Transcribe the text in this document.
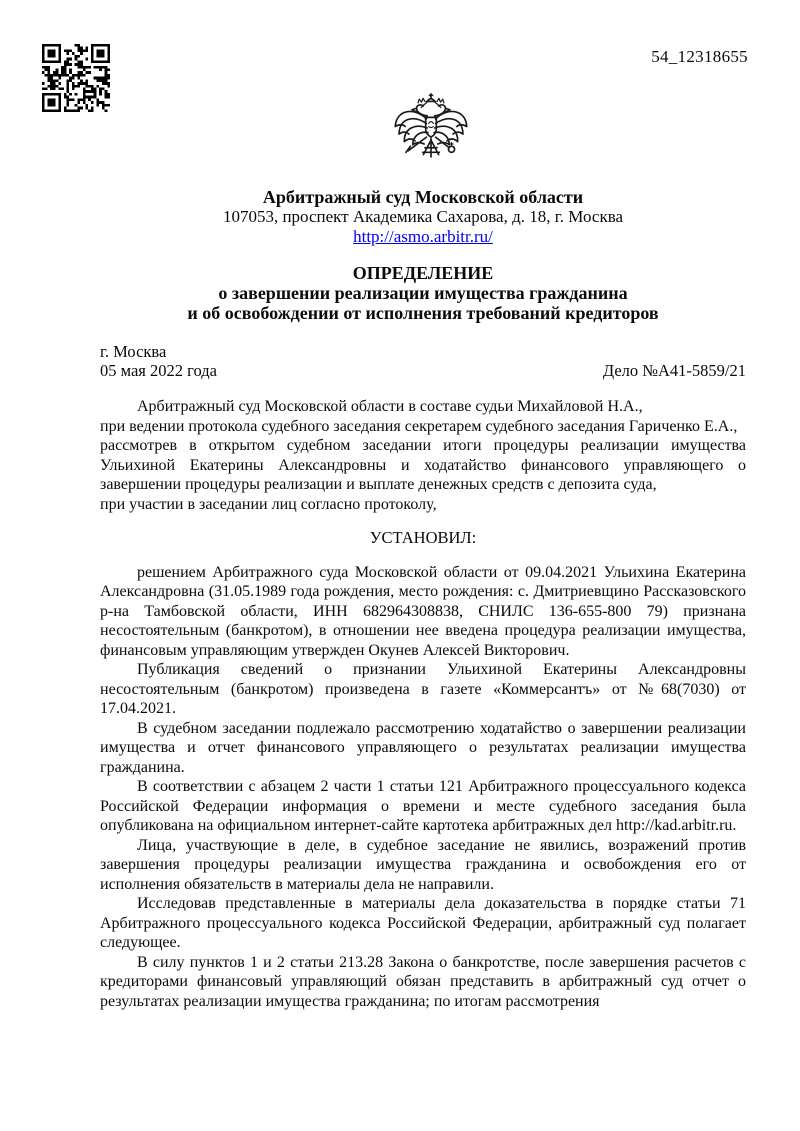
54_12318655
Арбитражный суд Московской области
107053, проспект Академика Сахарова, д. 18, г. Москва
http://asmo.arbitr.ru/
ОПРЕДЕЛЕНИЕ
о завершении реализации имущества гражданина
и об освобождении от исполнения требований кредиторов
г. Москва
05 мая 2022 года	Дело №А41-5859/21
Арбитражный суд Московской области в составе судьи Михайловой Н.А.,
при ведении протокола судебного заседания секретарем судебного заседания Гариченко Е.А.,
рассмотрев в открытом судебном заседании итоги процедуры реализации имущества Ульихиной Екатерины Александровны и ходатайство финансового управляющего о завершении процедуры реализации и выплате денежных средств с депозита суда,
при участии в заседании лиц согласно протоколу,
УСТАНОВИЛ:
решением Арбитражного суда Московской области от 09.04.2021 Ульихина Екатерина Александровна (31.05.1989 года рождения, место рождения: с. Дмитриевщино Рассказовского р-на Тамбовской области, ИНН 682964308838, СНИЛС 136-655-800 79) признана несостоятельным (банкротом), в отношении нее введена процедура реализации имущества, финансовым управляющим утвержден Окунев Алексей Викторович.
Публикация сведений о признании Ульихиной Екатерины Александровны несостоятельным (банкротом) произведена в газете «Коммерсантъ» от №68(7030) от 17.04.2021.
В судебном заседании подлежало рассмотрению ходатайство о завершении реализации имущества и отчет финансового управляющего о результатах реализации имущества гражданина.
В соответствии с абзацем 2 части 1 статьи 121 Арбитражного процессуального кодекса Российской Федерации информация о времени и месте судебного заседания была опубликована на официальном интернет-сайте картотека арбитражных дел http://kad.arbitr.ru.
Лица, участвующие в деле, в судебное заседание не явились, возражений против завершения процедуры реализации имущества гражданина и освобождения его от исполнения обязательств в материалы дела не направили.
Исследовав представленные в материалы дела доказательства в порядке статьи 71 Арбитражного процессуального кодекса Российской Федерации, арбитражный суд полагает следующее.
В силу пунктов 1 и 2 статьи 213.28 Закона о банкротстве, после завершения расчетов с кредиторами финансовый управляющий обязан представить в арбитражный суд отчет о результатах реализации имущества гражданина; по итогам рассмотрения
